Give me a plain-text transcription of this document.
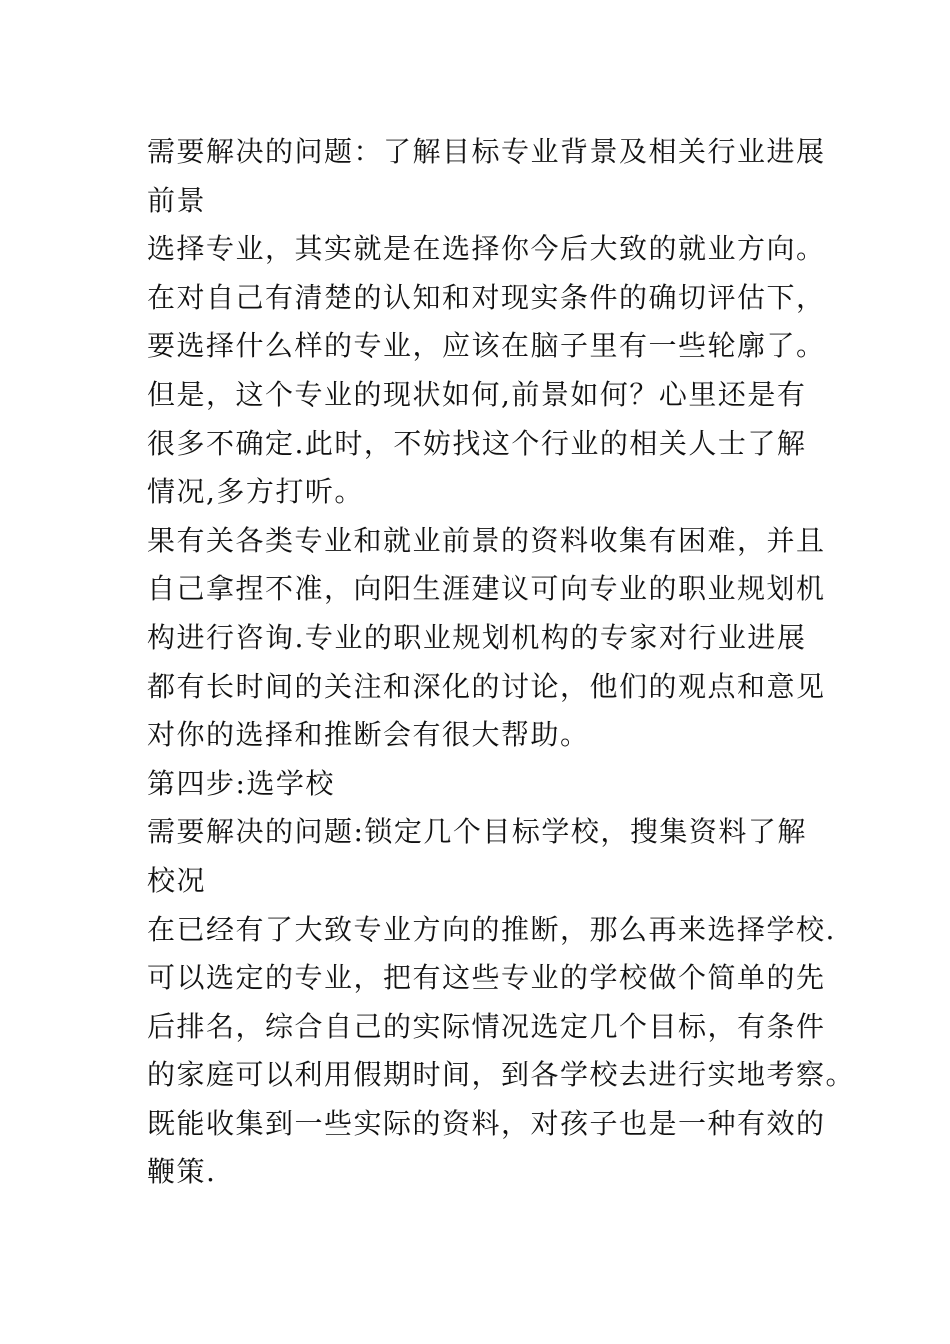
需要解决的问题：了解目标专业背景及相关行业进展
前景
选择专业，其实就是在选择你今后大致的就业方向。
在对自己有清楚的认知和对现实条件的确切评估下，
要选择什么样的专业，应该在脑子里有一些轮廓了。
但是，这个专业的现状如何,前景如何？心里还是有
很多不确定.此时，不妨找这个行业的相关人士了解
情况,多方打听。
果有关各类专业和就业前景的资料收集有困难，并且
自己拿捏不准，向阳生涯建议可向专业的职业规划机
构进行咨询.专业的职业规划机构的专家对行业进展
都有长时间的关注和深化的讨论，他们的观点和意见
对你的选择和推断会有很大帮助。
第四步:选学校
需要解决的问题:锁定几个目标学校，搜集资料了解
校况
在已经有了大致专业方向的推断，那么再来选择学校.
可以选定的专业，把有这些专业的学校做个简单的先
后排名，综合自己的实际情况选定几个目标，有条件
的家庭可以利用假期时间，到各学校去进行实地考察。
既能收集到一些实际的资料，对孩子也是一种有效的
鞭策.
